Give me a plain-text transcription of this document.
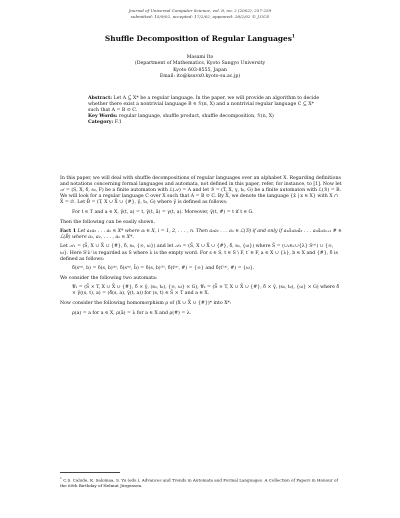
Journal of Universal Computer Science, vol. 8, no. 2 (2002), 257-259
submitted: 15/9/02, accepted: 17/2/02, appeared: 28/2/02 © J.UCS
Shuffle Decomposition of Regular Languages$^1$
Masami Ito
(Department of Mathematics, Kyoto Sangyo University
Kyoto 603-8555, Japan
Email: ito@ksuvx0.kyoto-su.ac.jp)
Abstract: Let A ⊆ X* be a regular language. In the paper, we will provide an algorithm to decide whether there exist a nontrivial language B ∈ ℛ(n, X) and a nontrivial regular language C ⊆ X* such that A = B ⊙ C.
Key Words: regular language, shuffle product, shuffle decomposition, ℛ(n, X)
Category: F.1

In this paper, we will deal with shuffle decompositions of regular languages over an alphabet X. Regarding definitions and notations concerning formal languages and automata, not defined in this paper, refer, for instance, to [1]. Now let 𝒜 = (S, X, δ, s₀, F) be a finite automaton with ℒ(𝒜) = A and let ℬ = (T, X, γ, t₀, G) be a finite automaton with ℒ(ℬ) = B. We will look for a regular language C over X such that A = B ⊙ C. By X̄, we denote the language {x̄ | x ∈ X} with X ∩ X̄ = ∅. Let B̄ = (T, X ∪ X̄ ∪ {#}, γ̄, t₀, G) where γ̄ is defined as follows:

For t ∈ T and a ∈ X, γ̄(t, a) = t, γ̄(t, ā) = γ(t, a). Moreover, γ̄(t, #) = t if t ∈ G.

Then the following can be easily shown.

Fact 1 Let a₁a₂ . . . aₙ ∈ X* where aᵢ ∈ X, i = 1, 2, . . . , n. Then a₁a₂ . . . aₙ ∈ ℒ(ℬ) if and only if a₁ā₁a₂ā₂ . . . aₙāₙaₙ₊₁ # ∈ ℒ(B̄) where a₁, a₂, . . . , aₙ ∈ X*.

Let 𝒜₁ = (S̄, X ∪ X̄ ∪ {#}, δ̄, s₀, {∞, ω}) and let 𝒜₂ = (S̄, X ∪ X̄ ∪ {#}, δ̄, s₀, {ω}) where S̄ = (∪ₛ∈ₓ∪{λ} S⁽ˢ⁾) ∪ {∞, ω}. Here S⁽λ⁾ is regarded as S where λ is the empty word. For s ∈ S, t ∈ S \ F, t′ ∈ F, a ∈ X ∪ {λ}, b ∈ X and {#}, δ̄ is defined as follows:

δ̄(s⁽ᵃ⁾, b) = δ(s, b)⁽ᵃ⁾, δ̄(s⁽ᵃ⁾, b̄) = δ(s, b)⁽ᵇ⁾, δ̄(t⁽ᵃ⁾, #) = {∞} and δ̄(t′⁽ᵃ⁾, #) = {ω}.

We consider the following two automata:

𝒞₁ = (S̄ × T, X ∪ X̄ ∪ {#}, δ̄ × γ̄, (s₀, t₀), {∞, ω} × G), 𝒞₂ = (S̄ × T, X ∪ X̄ ∪ {#}, δ̄ × γ̄, (s₀, t₀), {ω} × G) where δ̄ × γ̄((s, t), a) = (δ̄(s, a), γ̄(t, a)) for (s, t) ∈ S̄ × T and a ∈ X.

Now consider the following homomorphism ρ of (X ∪ X̄ ∪ {#})* into X*:

ρ(a) = a for a ∈ X, ρ(ā) = λ for a ∈ X and ρ(#) = λ.
$^1$ C.S. Calude, K. Salomaa, S. Yu (eds.), Advances and Trends in Automata and Formal Languages. A Collection of Papers in Honour of the 60th Birthday of Helmut Jürgensen.
